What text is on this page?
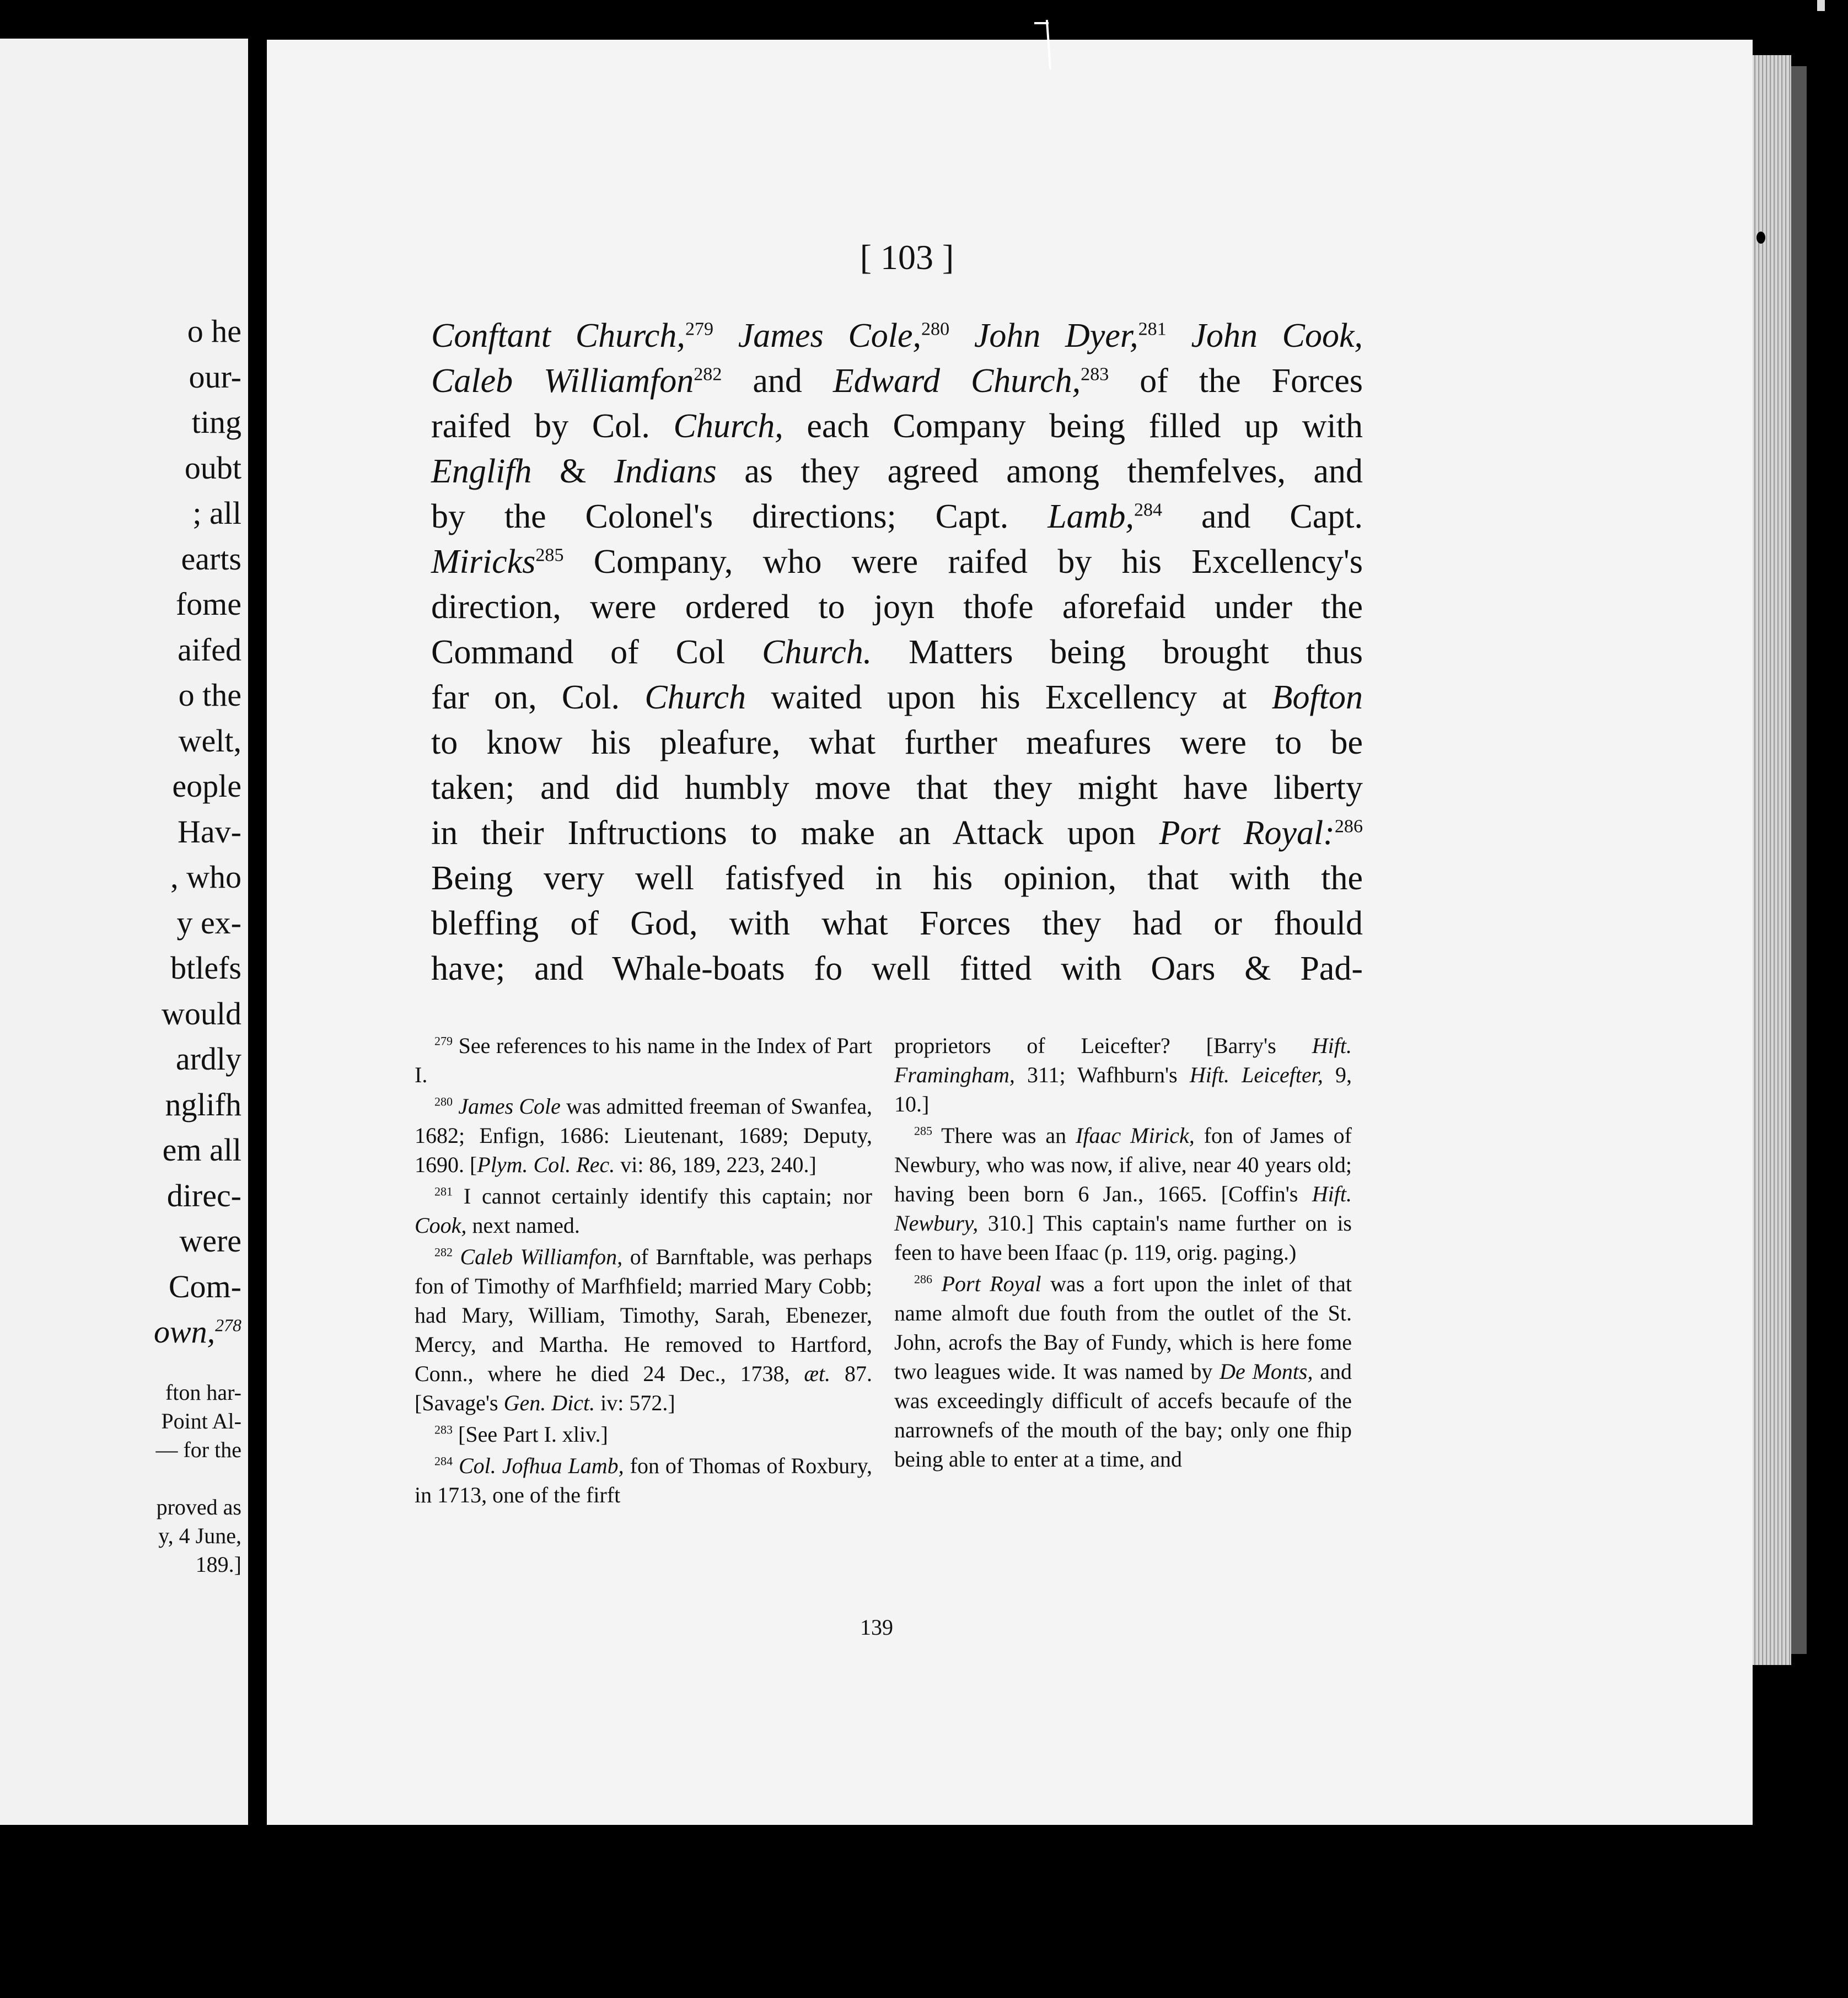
o he
our-
ting
oubt
; all
earts
fome
aifed
o the
welt,
eople
Hav-
, who
y ex-
btlefs
would
ardly
nglifh
em all
direc-
were
Com-
own,$^{278}$
fton har-
Point Al-
— for the

proved as
y, 4 June,
189.]
[ 103 ]
Conftant Church,$^{279}$ James Cole,$^{280}$ John Dyer,$^{281}$ John Cook,
Caleb Williamfon$^{282}$ and Edward Church,$^{283}$ of the Forces
raifed by Col. Church, each Company being filled up with
Englifh & Indians as they agreed among themfelves, and
by the Colonel's directions; Capt. Lamb,$^{284}$ and Capt.
Miricks$^{285}$ Company, who were raifed by his Excellency's
direction, were ordered to joyn thofe aforefaid under the
Command of Col Church. Matters being brought thus
far on, Col. Church waited upon his Excellency at Bofton
to know his pleafure, what further meafures were to be
taken; and did humbly move that they might have liberty
in their Inftructions to make an Attack upon Port Royal:$^{286}$
Being very well fatisfyed in his opinion, that with the
bleffing of God, with what Forces they had or fhould
have; and Whale-boats fo well fitted with Oars & Pad-

$^{279}$ See references to his name in the Index of Part I.

$^{280}$ James Cole was admitted freeman of Swanfea, 1682; Enfign, 1686: Lieutenant, 1689; Deputy, 1690. [Plym. Col. Rec. vi: 86, 189, 223, 240.]

$^{281}$ I cannot certainly identify this captain; nor Cook, next named.

$^{282}$ Caleb Williamfon, of Barnftable, was perhaps fon of Timothy of Marfhfield; married Mary Cobb; had Mary, William, Timothy, Sarah, Ebenezer, Mercy, and Martha. He removed to Hartford, Conn., where he died 24 Dec., 1738, æt. 87. [Savage's Gen. Dict. iv: 572.]

$^{283}$ [See Part I. xliv.]

$^{284}$ Col. Jofhua Lamb, fon of Thomas of Roxbury, in 1713, one of the firft

proprietors of Leicefter? [Barry's Hift. Framingham, 311; Wafhburn's Hift. Leicefter, 9, 10.]

$^{285}$ There was an Ifaac Mirick, fon of James of Newbury, who was now, if alive, near 40 years old; having been born 6 Jan., 1665. [Coffin's Hift. Newbury, 310.] This captain's name further on is feen to have been Ifaac (p. 119, orig. paging.)

$^{286}$ Port Royal was a fort upon the inlet of that name almoft due fouth from the outlet of the St. John, acrofs the Bay of Fundy, which is here fome two leagues wide. It was named by De Monts, and was exceedingly difficult of accefs becaufe of the narrownefs of the mouth of the bay; only one fhip being able to enter at a time, and

139
